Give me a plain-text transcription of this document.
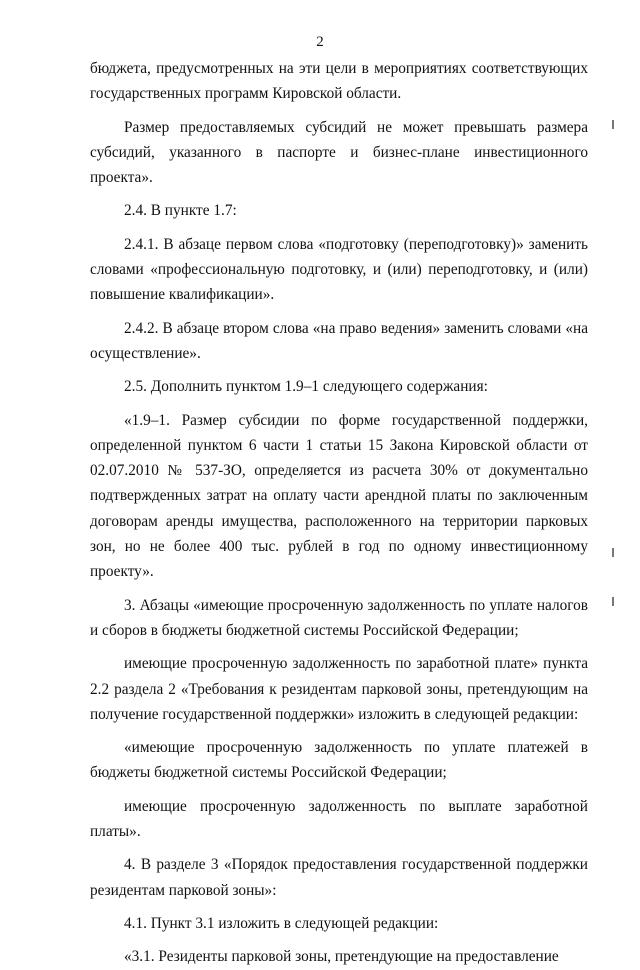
2

бюджета, предусмотренных на эти цели в мероприятиях соответствующих государственных программ Кировской области.

Размер предоставляемых субсидий не может превышать размера субсидий, указанного в паспорте и бизнес-плане инвестиционного проекта».

2.4. В пункте 1.7:

2.4.1. В абзаце первом слова «подготовку (переподготовку)» заменить словами «профессиональную подготовку, и (или) переподготовку, и (или) повышение квалификации».

2.4.2. В абзаце втором слова «на право ведения» заменить словами «на осуществление».

2.5. Дополнить пунктом 1.9–1 следующего содержания:

«1.9–1. Размер субсидии по форме государственной поддержки, определенной пунктом 6 части 1 статьи 15 Закона Кировской области от 02.07.2010 № 537-ЗО, определяется из расчета 30% от документально подтвержденных затрат на оплату части арендной платы по заключенным договорам аренды имущества, расположенного на территории парковых зон, но не более 400 тыс. рублей в год по одному инвестиционному проекту».

3. Абзацы «имеющие просроченную задолженность по уплате налогов и сборов в бюджеты бюджетной системы Российской Федерации;

имеющие просроченную задолженность по заработной плате» пункта 2.2 раздела 2 «Требования к резидентам парковой зоны, претендующим на получение государственной поддержки» изложить в следующей редакции:

«имеющие просроченную задолженность по уплате платежей в бюджеты бюджетной системы Российской Федерации;

имеющие просроченную задолженность по выплате заработной платы».

4. В разделе 3 «Порядок предоставления государственной поддержки резидентам парковой зоны»:

4.1. Пункт 3.1 изложить в следующей редакции:

«3.1. Резиденты парковой зоны, претендующие на предоставление
